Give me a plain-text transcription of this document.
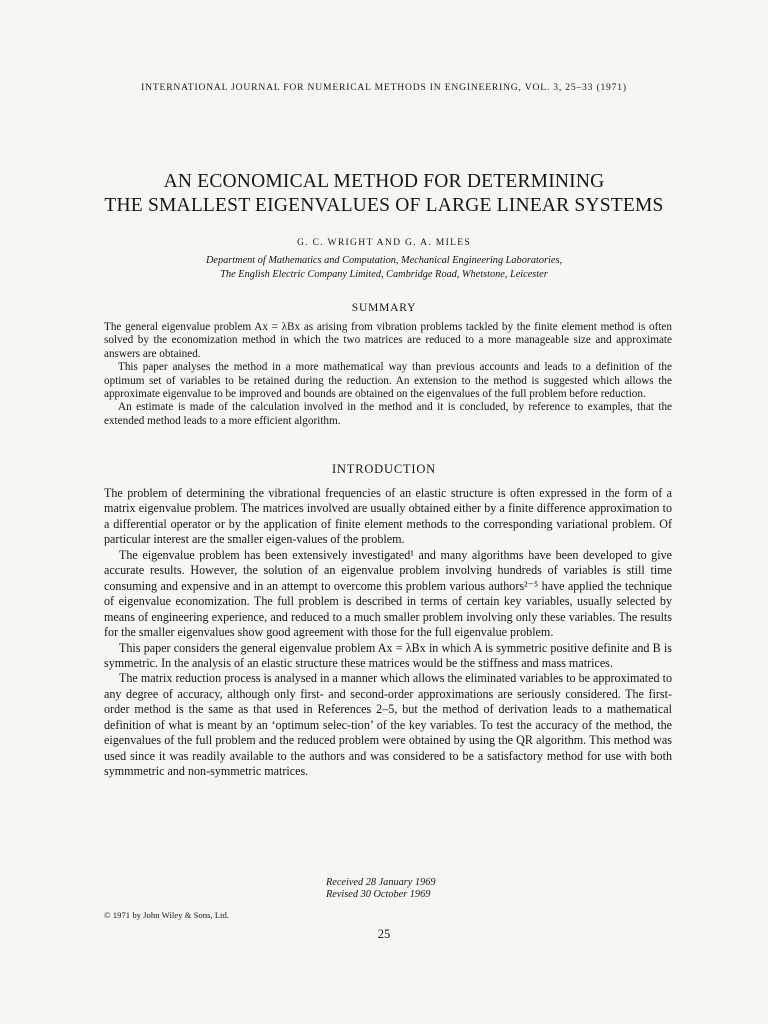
INTERNATIONAL JOURNAL FOR NUMERICAL METHODS IN ENGINEERING, VOL. 3, 25–33 (1971)
AN ECONOMICAL METHOD FOR DETERMINING
THE SMALLEST EIGENVALUES OF LARGE LINEAR SYSTEMS
G. C. WRIGHT AND G. A. MILES
Department of Mathematics and Computation, Mechanical Engineering Laboratories,
The English Electric Company Limited, Cambridge Road, Whetstone, Leicester
SUMMARY

The general eigenvalue problem Ax = λBx as arising from vibration problems tackled by the finite element method is often solved by the economization method in which the two matrices are reduced to a more manageable size and approximate answers are obtained.

This paper analyses the method in a more mathematical way than previous accounts and leads to a definition of the optimum set of variables to be retained during the reduction. An extension to the method is suggested which allows the approximate eigenvalue to be improved and bounds are obtained on the eigenvalues of the full problem before reduction.

An estimate is made of the calculation involved in the method and it is concluded, by reference to examples, that the extended method leads to a more efficient algorithm.

INTRODUCTION

The problem of determining the vibrational frequencies of an elastic structure is often expressed in the form of a matrix eigenvalue problem. The matrices involved are usually obtained either by a finite difference approximation to a differential operator or by the application of finite element methods to the corresponding variational problem. Of particular interest are the smaller eigen-values of the problem.

The eigenvalue problem has been extensively investigated¹ and many algorithms have been developed to give accurate results. However, the solution of an eigenvalue problem involving hundreds of variables is still time consuming and expensive and in an attempt to overcome this problem various authors²⁻⁵ have applied the technique of eigenvalue economization. The full problem is described in terms of certain key variables, usually selected by means of engineering experience, and reduced to a much smaller problem involving only these variables. The results for the smaller eigenvalues show good agreement with those for the full eigenvalue problem.

This paper considers the general eigenvalue problem Ax = λBx in which A is symmetric positive definite and B is symmetric. In the analysis of an elastic structure these matrices would be the stiffness and mass matrices.

The matrix reduction process is analysed in a manner which allows the eliminated variables to be approximated to any degree of accuracy, although only first- and second-order approximations are seriously considered. The first-order method is the same as that used in References 2–5, but the method of derivation leads to a mathematical definition of what is meant by an ‘optimum selec-tion’ of the key variables. To test the accuracy of the method, the eigenvalues of the full problem and the reduced problem were obtained by using the QR algorithm. This method was used since it was readily available to the authors and was considered to be a satisfactory method for use with both symmmetric and non-symmetric matrices.

Received 28 January 1969
Revised 30 October 1969
© 1971 by John Wiley & Sons, Ltd.
25
